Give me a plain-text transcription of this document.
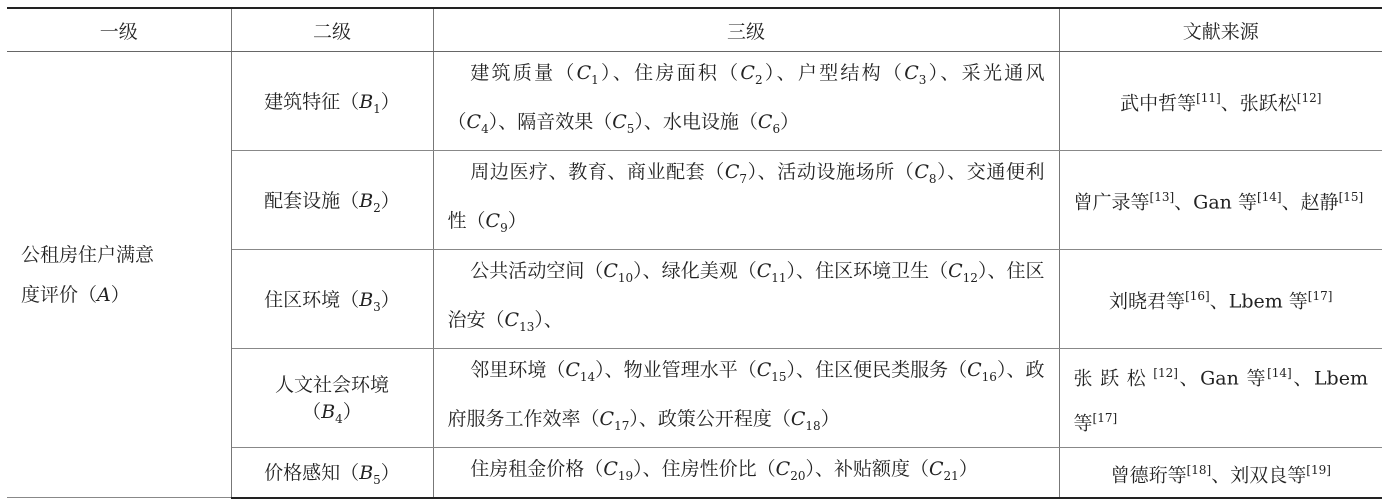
一级	二级	三级	文献来源
公租房住户满意
度评价（A）	建筑特征$(B_1)$	建筑质量$(C_1)$、住房面积$(C_2)$、户型结构$(C_3)$、采光通风$(C_4)$、隔音效果$(C_5)$、水电设施$(C_6)$	武中哲等[11]、张跃松[12]
	配套设施$(B_2)$	周边医疗、教育、商业配套$(C_7)$、活动设施场所$(C_8)$、交通便利性$(C_9)$	曾广录等[13]、Gan 等[14]、赵静[15]
	住区环境$(B_3)$	公共活动空间$(C_{10})$、绿化美观$(C_{11})$、住区环境卫生$(C_{12})$、住区治安$(C_{13})$、	刘晓君等[16]、Lbem 等[17]
	人文社会环境$(B_4)$	邻里环境$(C_{14})$、物业管理水平$(C_{15})$、住区便民类服务$(C_{16})$、政府服务工作效率$(C_{17})$、政策公开程度$(C_{18})$	张跃松[12]、Gan 等[14]、Lbem 等[17]
	价格感知$(B_5)$	住房租金价格$(C_{19})$、住房性价比$(C_{20})$、补贴额度$(C_{21})$	曾德珩等[18]、刘双良等[19]
